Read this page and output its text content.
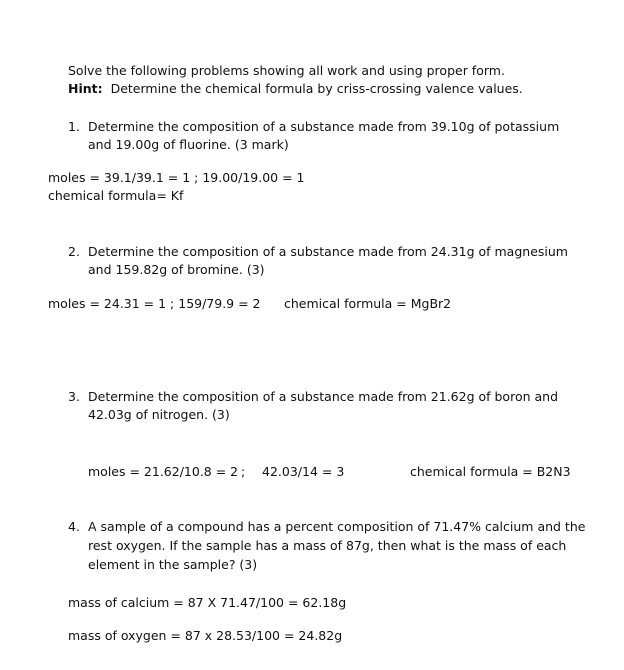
Solve the following problems showing all work and using proper form.
Hint: Determine the chemical formula by criss-crossing valence values.
1. Determine the composition of a substance made from 39.10g of potassium
and 19.00g of fluorine. (3 mark)
moles = 39.1/39.1 = 1 ; 19.00/19.00 = 1
chemical formula= Kf
2. Determine the composition of a substance made from 24.31g of magnesium
and 159.82g of bromine. (3)
moles = 24.31 = 1 ; 159/79.9 = 2 chemical formula = MgBr2
3. Determine the composition of a substance made from 21.62g of boron and
42.03g of nitrogen. (3)
moles = 21.62/10.8 = 2 ; 42.03/14 = 3	chemical formula = B2N3
4. A sample of a compound has a percent composition of 71.47% calcium and the
rest oxygen. If the sample has a mass of 87g, then what is the mass of each
element in the sample? (3)
mass of calcium = 87 X 71.47/100 = 62.18g
mass of oxygen = 87 x 28.53/100 = 24.82g
